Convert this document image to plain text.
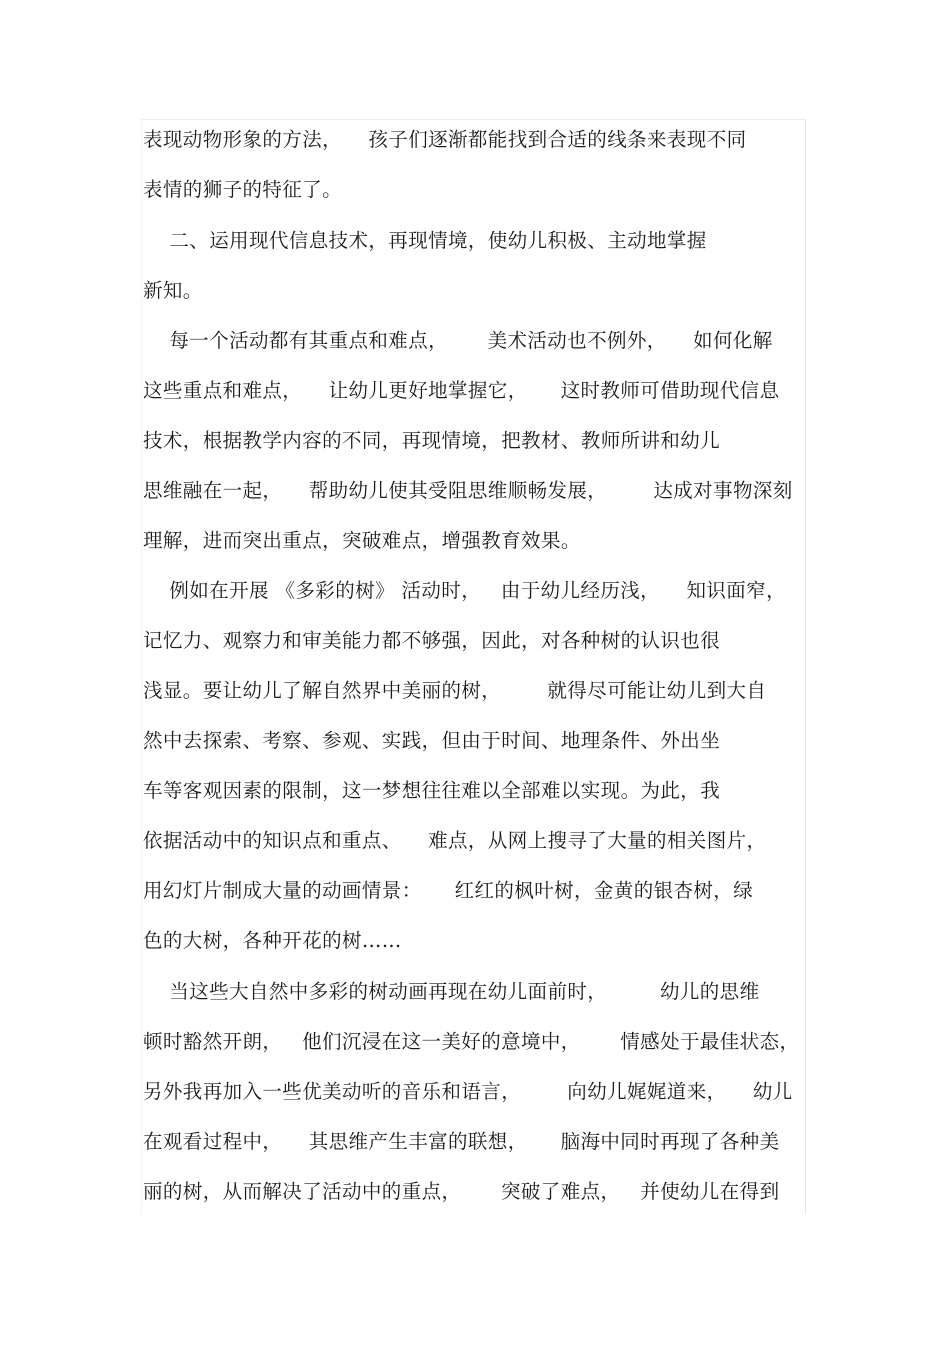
表现动物形象的方法，    孩子们逐渐都能找到合适的线条来表现不同
表情的狮子的特征了。
二、运用现代信息技术，再现情境，使幼儿积极、主动地掌握
新知。
每一个活动都有其重点和难点，      美术活动也不例外，    如何化解
这些重点和难点，    让幼儿更好地掌握它，     这时教师可借助现代信息
技术，根据教学内容的不同，再现情境，把教材、教师所讲和幼儿
思维融在一起，    帮助幼儿使其受阻思维顺畅发展，       达成对事物深刻
理解，进而突出重点，突破难点，增强教育效果。
例如在开展 《多彩的树》 活动时，   由于幼儿经历浅，    知识面窄，
记忆力、观察力和审美能力都不够强，因此，对各种树的认识也很
浅显。要让幼儿了解自然界中美丽的树，       就得尽可能让幼儿到大自
然中去探索、考察、参观、实践，但由于时间、地理条件、外出坐
车等客观因素的限制，这一梦想往往难以全部难以实现。为此，我
依据活动中的知识点和重点、    难点，从网上搜寻了大量的相关图片，
用幻灯片制成大量的动画情景：     红红的枫叶树，金黄的银杏树，绿
色的大树，各种开花的树……
当这些大自然中多彩的树动画再现在幼儿面前时，        幼儿的思维
顿时豁然开朗，   他们沉浸在这一美好的意境中，      情感处于最佳状态，
另外我再加入一些优美动听的音乐和语言，       向幼儿娓娓道来，    幼儿
在观看过程中，    其思维产生丰富的联想，     脑海中同时再现了各种美
丽的树，从而解决了活动中的重点，      突破了难点，   并使幼儿在得到
